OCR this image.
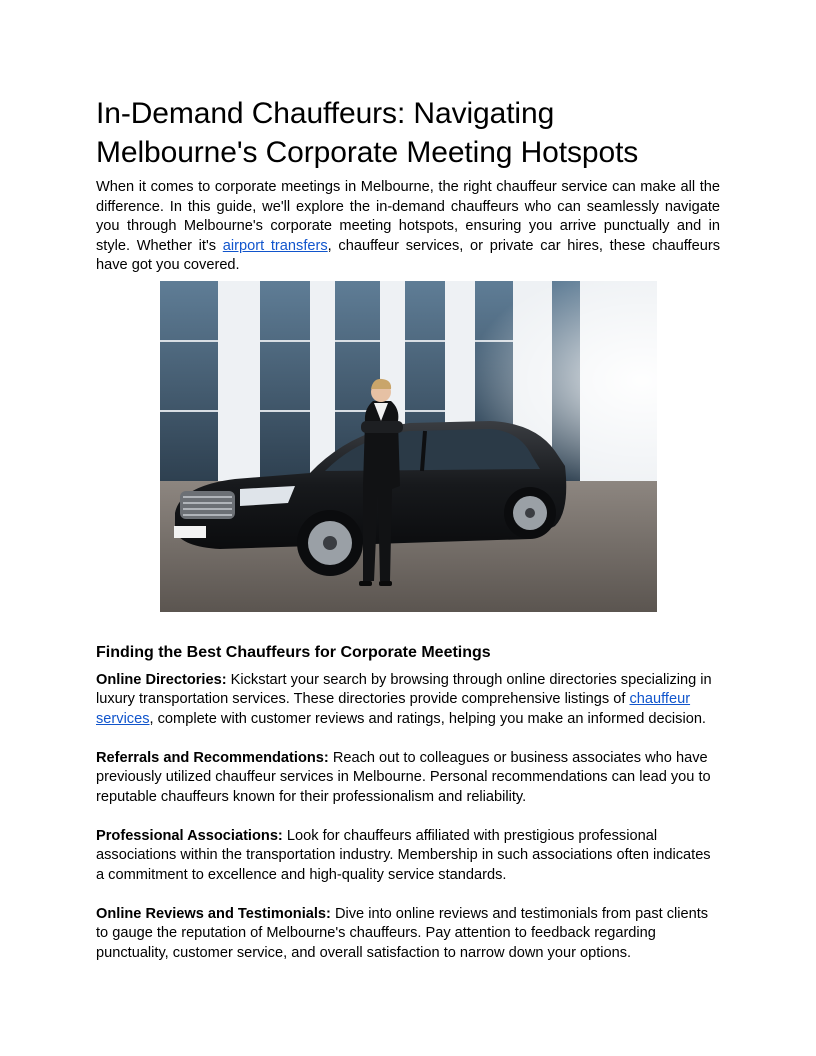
In-Demand Chauffeurs: Navigating Melbourne's Corporate Meeting Hotspots

When it comes to corporate meetings in Melbourne, the right chauffeur service can make all the difference. In this guide, we'll explore the in-demand chauffeurs who can seamlessly navigate you through Melbourne's corporate meeting hotspots, ensuring you arrive punctually and in style. Whether it's airport transfers, chauffeur services, or private car hires, these chauffeurs have got you covered.

Finding the Best Chauffeurs for Corporate Meetings

Online Directories: Kickstart your search by browsing through online directories specializing in luxury transportation services. These directories provide comprehensive listings of chauffeur services, complete with customer reviews and ratings, helping you make an informed decision.

Referrals and Recommendations: Reach out to colleagues or business associates who have previously utilized chauffeur services in Melbourne. Personal recommendations can lead you to reputable chauffeurs known for their professionalism and reliability.

Professional Associations: Look for chauffeurs affiliated with prestigious professional associations within the transportation industry. Membership in such associations often indicates a commitment to excellence and high-quality service standards.

Online Reviews and Testimonials: Dive into online reviews and testimonials from past clients to gauge the reputation of Melbourne's chauffeurs. Pay attention to feedback regarding punctuality, customer service, and overall satisfaction to narrow down your options.
